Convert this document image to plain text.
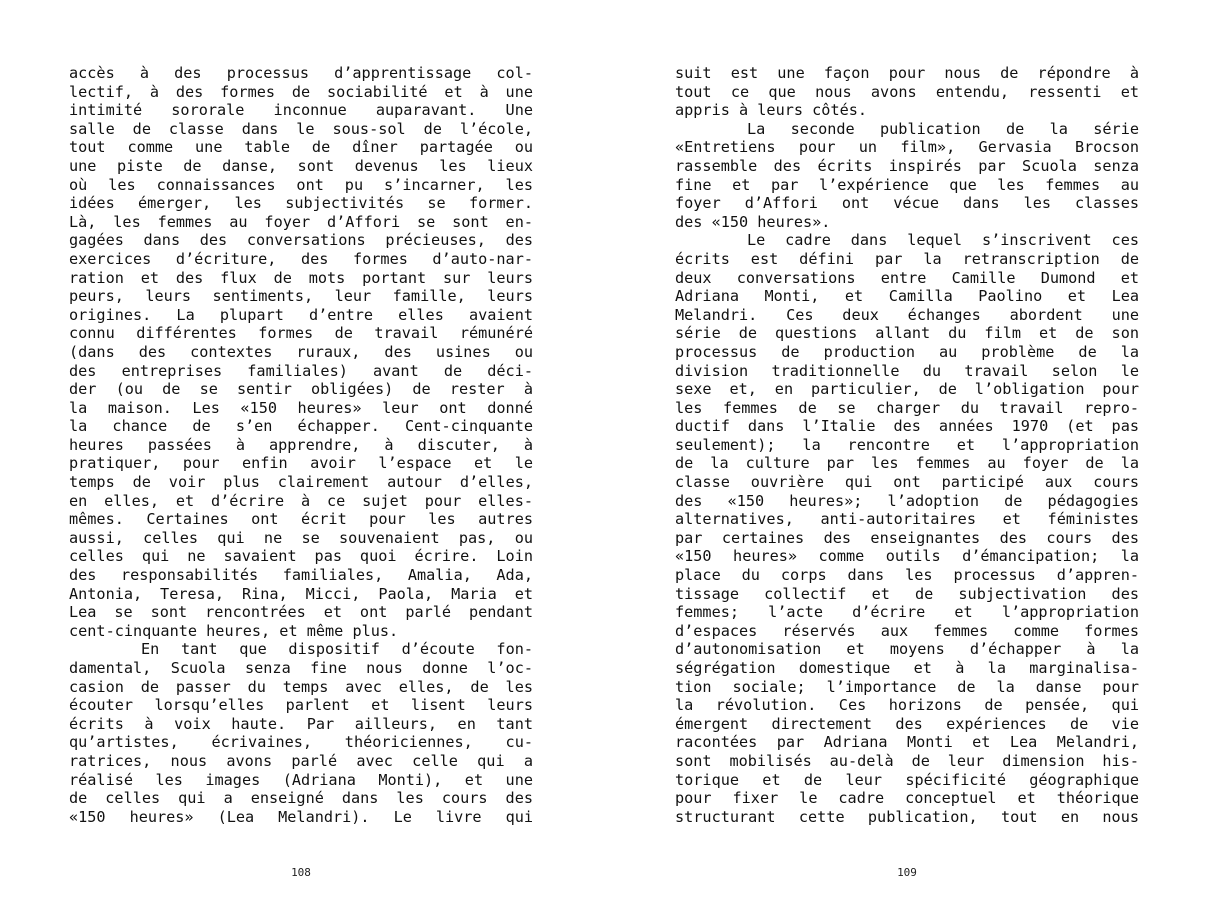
accès à des processus d’apprentissage col-
lectif, à des formes de sociabilité et à une
intimité sororale inconnue auparavant. Une
salle de classe dans le sous-sol de l’école,
tout comme une table de dîner partagée ou
une piste de danse, sont devenus les lieux
où les connaissances ont pu s’incarner, les
idées émerger, les subjectivités se former.
Là, les femmes au foyer d’Affori se sont en-
gagées dans des conversations précieuses, des
exercices d’écriture, des formes d’auto-nar-
ration et des flux de mots portant sur leurs
peurs, leurs sentiments, leur famille, leurs
origines. La plupart d’entre elles avaient
connu différentes formes de travail rémunéré
(dans des contextes ruraux, des usines ou
des entreprises familiales) avant de déci-
der (ou de se sentir obligées) de rester à
la maison. Les «150 heures» leur ont donné
la chance de s’en échapper. Cent-cinquante
heures passées à apprendre, à discuter, à
pratiquer, pour enfin avoir l’espace et le
temps de voir plus clairement autour d’elles,
en elles, et d’écrire à ce sujet pour elles-
mêmes. Certaines ont écrit pour les autres
aussi, celles qui ne se souvenaient pas, ou
celles qui ne savaient pas quoi écrire. Loin
des responsabilités familiales, Amalia, Ada,
Antonia, Teresa, Rina, Micci, Paola, Maria et
Lea se sont rencontrées et ont parlé pendant
cent-cinquante heures, et même plus.
En tant que dispositif d’écoute fon-
damental, Scuola senza fine nous donne l’oc-
casion de passer du temps avec elles, de les
écouter lorsqu’elles parlent et lisent leurs
écrits à voix haute. Par ailleurs, en tant
qu’artistes, écrivaines, théoriciennes, cu-
ratrices, nous avons parlé avec celle qui a
réalisé les images (Adriana Monti), et une
de celles qui a enseigné dans les cours des
«150 heures» (Lea Melandri). Le livre qui
108
suit est une façon pour nous de répondre à
tout ce que nous avons entendu, ressenti et
appris à leurs côtés.
La seconde publication de la série
«Entretiens pour un film», Gervasia Brocson
rassemble des écrits inspirés par Scuola senza
fine et par l’expérience que les femmes au
foyer d’Affori ont vécue dans les classes
des «150 heures».
Le cadre dans lequel s’inscrivent ces
écrits est défini par la retranscription de
deux conversations entre Camille Dumond et
Adriana Monti, et Camilla Paolino et Lea
Melandri. Ces deux échanges abordent une
série de questions allant du film et de son
processus de production au problème de la
division traditionnelle du travail selon le
sexe et, en particulier, de l’obligation pour
les femmes de se charger du travail repro-
ductif dans l’Italie des années 1970 (et pas
seulement); la rencontre et l’appropriation
de la culture par les femmes au foyer de la
classe ouvrière qui ont participé aux cours
des «150 heures»; l’adoption de pédagogies
alternatives, anti-autoritaires et féministes
par certaines des enseignantes des cours des
«150 heures» comme outils d’émancipation; la
place du corps dans les processus d’appren-
tissage collectif et de subjectivation des
femmes; l’acte d’écrire et l’appropriation
d’espaces réservés aux femmes comme formes
d’autonomisation et moyens d’échapper à la
ségrégation domestique et à la marginalisa-
tion sociale; l’importance de la danse pour
la révolution. Ces horizons de pensée, qui
émergent directement des expériences de vie
racontées par Adriana Monti et Lea Melandri,
sont mobilisés au-delà de leur dimension his-
torique et de leur spécificité géographique
pour fixer le cadre conceptuel et théorique
structurant cette publication, tout en nous
109
